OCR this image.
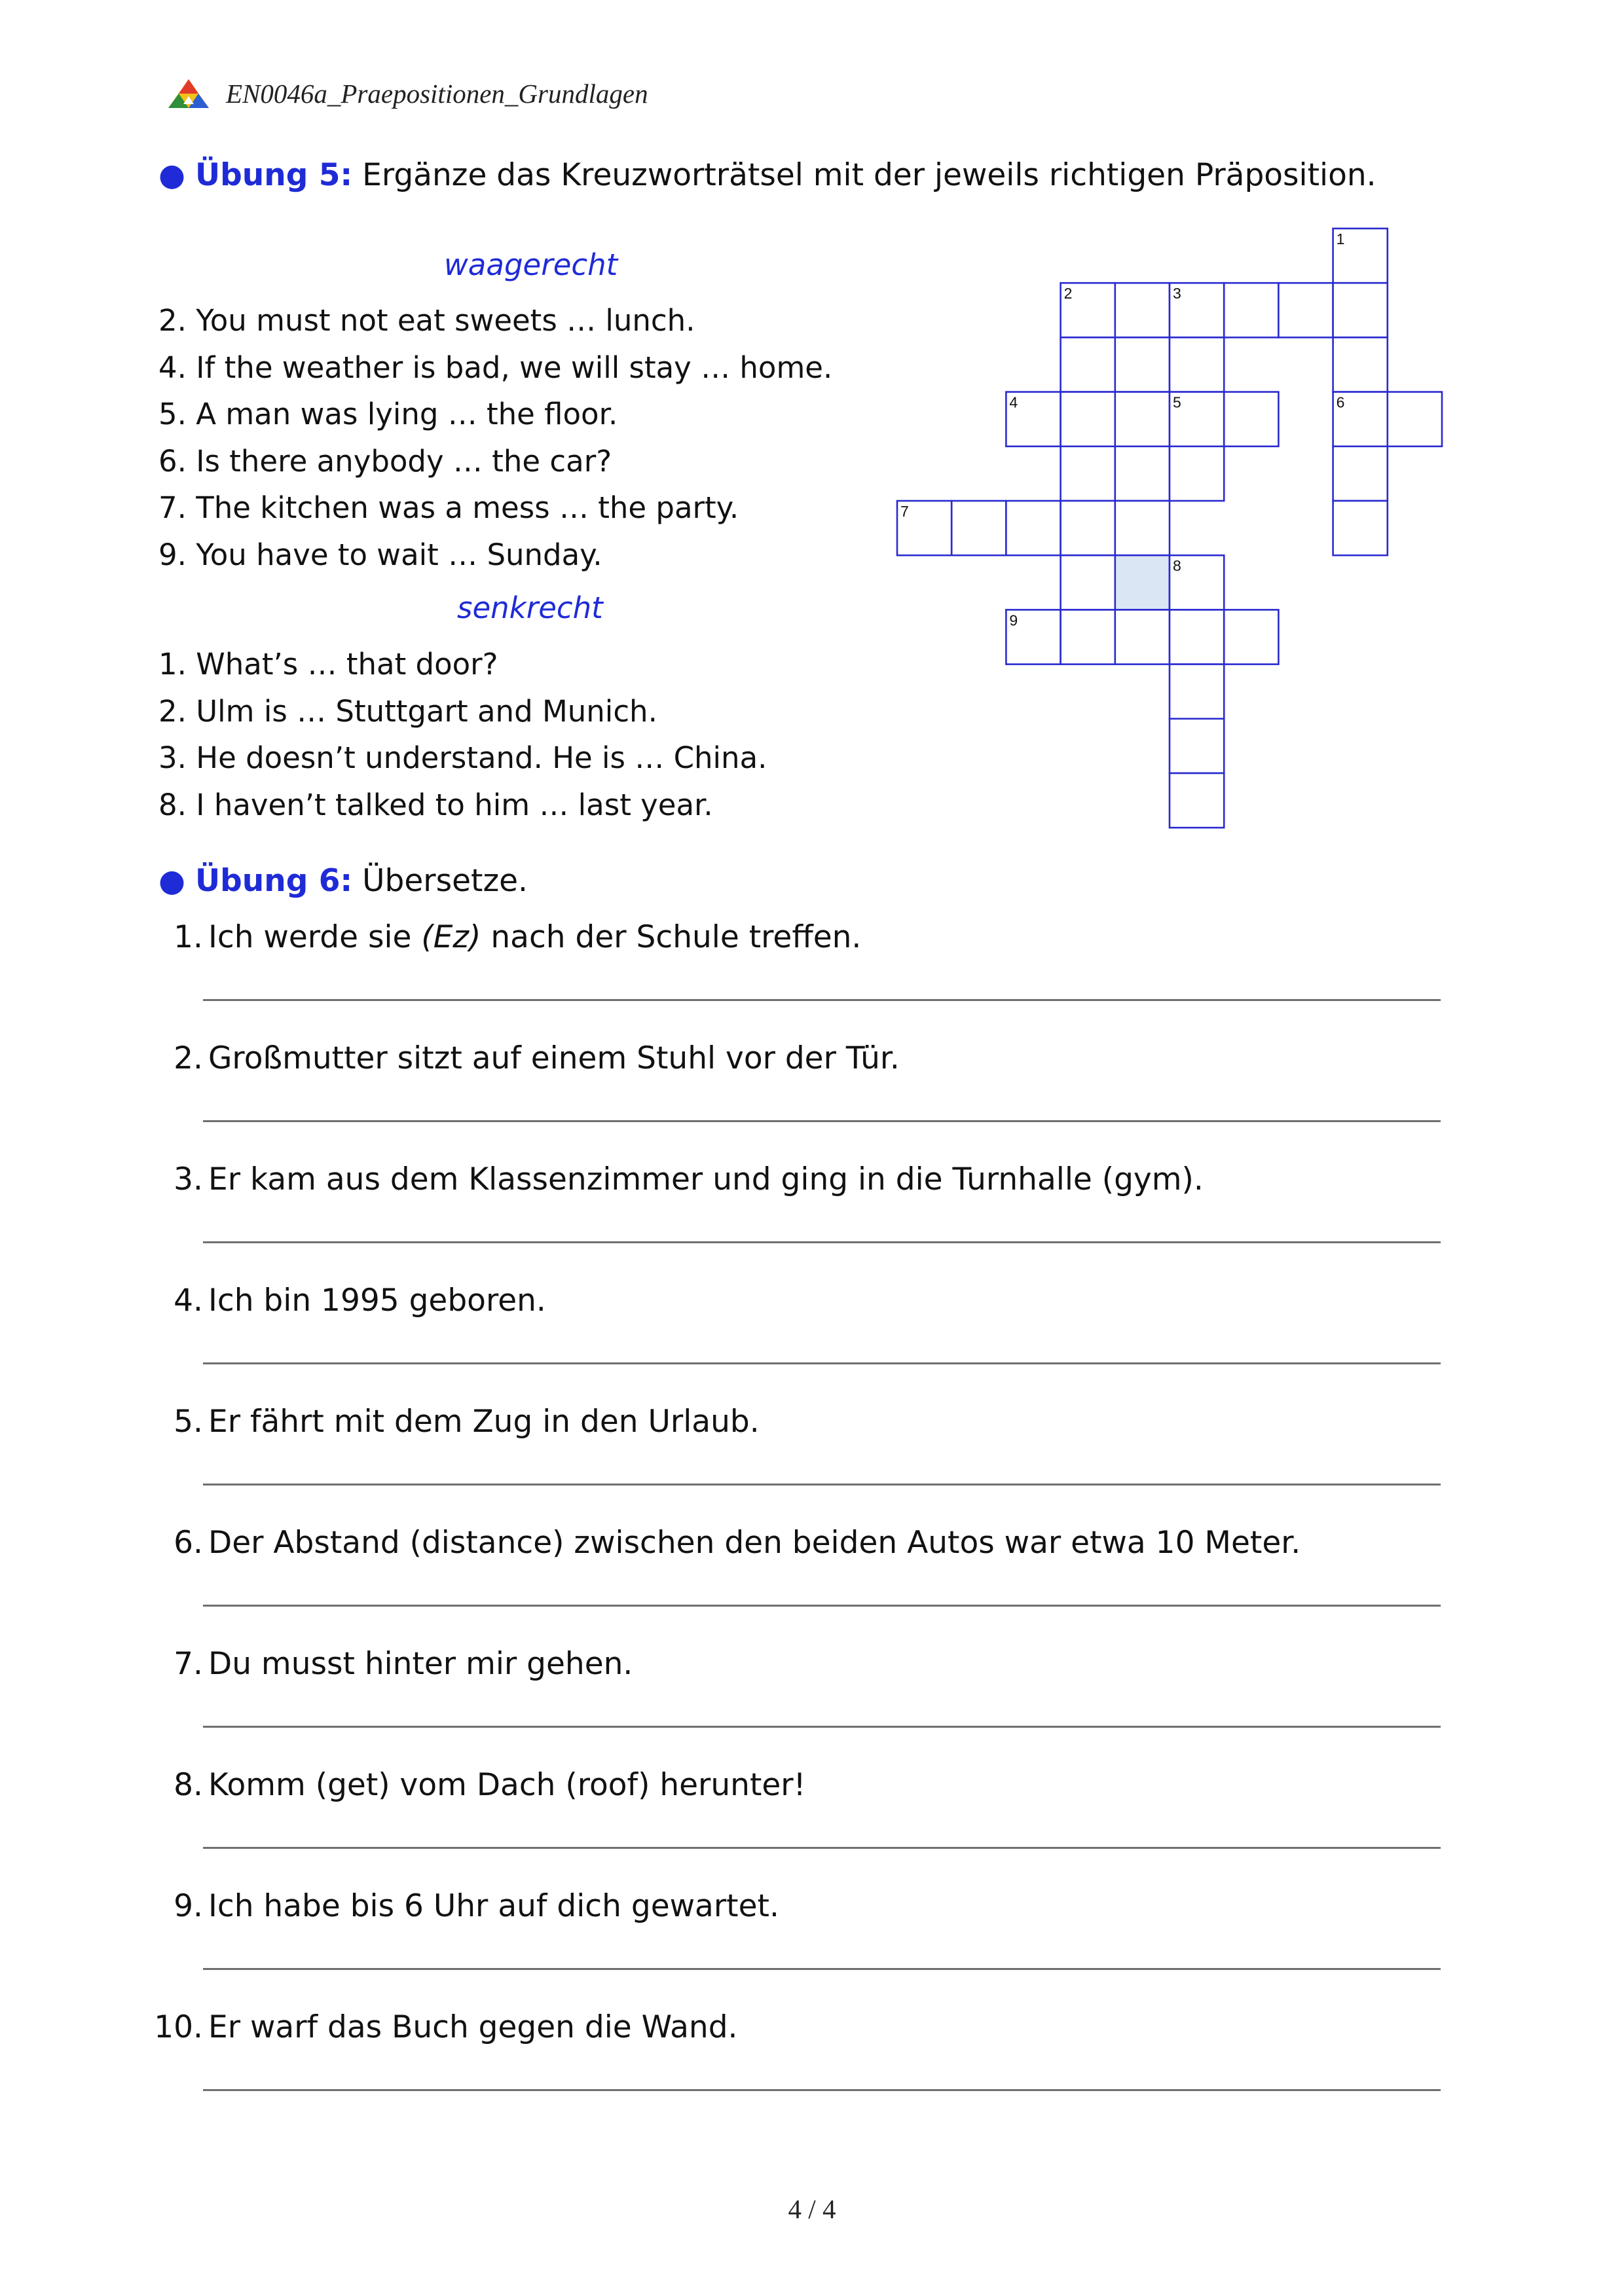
EN0046a_Praepositionen_Grundlagen
● Übung 5: Ergänze das Kreuzworträtsel mit der jeweils richtigen Präposition.
waagerecht
2. You must not eat sweets … lunch.
4. If the weather is bad, we will stay … home.
5. A man was lying … the floor.
6. Is there anybody … the car?
7. The kitchen was a mess … the party.
9. You have to wait … Sunday.
senkrecht
1. What’s … that door?
2. Ulm is … Stuttgart and Munich.
3. He doesn’t understand. He is … China.
8. I haven’t talked to him … last year.
1
2	3
4	5	6
7
8
9
● Übung 6: Übersetze.
1. Ich werde sie (Ez) nach der Schule treffen.
2. Großmutter sitzt auf einem Stuhl vor der Tür.
3. Er kam aus dem Klassenzimmer und ging in die Turnhalle (gym).
4. Ich bin 1995 geboren.
5. Er fährt mit dem Zug in den Urlaub.
6. Der Abstand (distance) zwischen den beiden Autos war etwa 10 Meter.
7. Du musst hinter mir gehen.
8. Komm (get) vom Dach (roof) herunter!
9. Ich habe bis 6 Uhr auf dich gewartet.
10. Er warf das Buch gegen die Wand.
4 / 4
